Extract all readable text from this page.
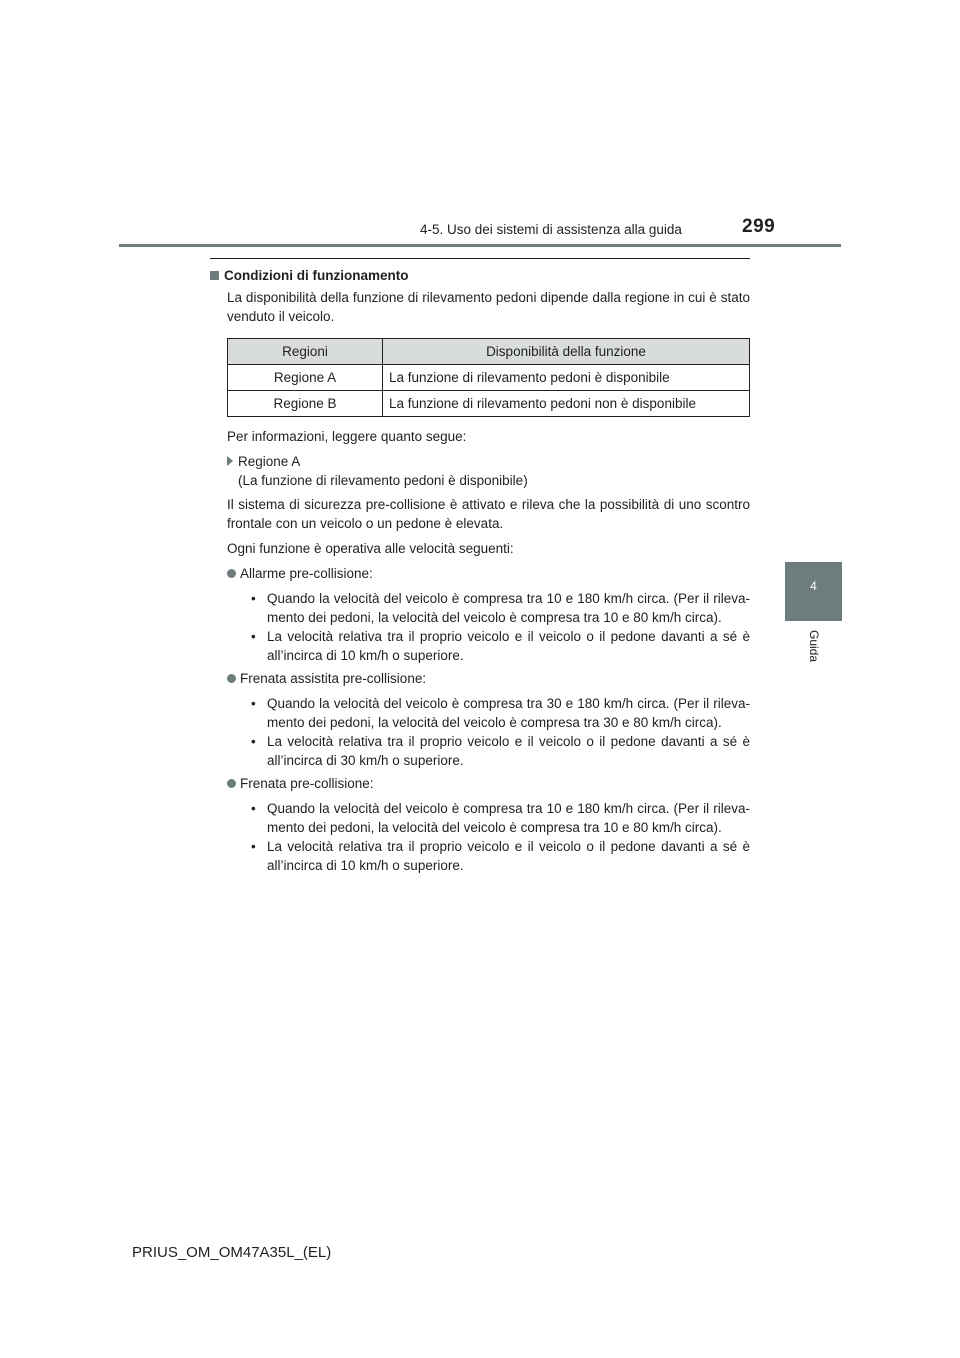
4-5. Uso dei sistemi di assistenza alla guida	299
4
Guida
Condizioni di funzionamento

La disponibilità della funzione di rilevamento pedoni dipende dalla regione in cui è stato venduto il veicolo.

Regioni	Disponibilità della funzione
Regione A	La funzione di rilevamento pedoni è disponibile
Regione B	La funzione di rilevamento pedoni non è disponibile

Per informazioni, leggere quanto segue:

Regione A

(La funzione di rilevamento pedoni è disponibile)

Il sistema di sicurezza pre-collisione è attivato e rileva che la possibilità di uno scontro frontale con un veicolo o un pedone è elevata.

Ogni funzione è operativa alle velocità seguenti:

Allarme pre-collisione:
• Quando la velocità del veicolo è compresa tra 10 e 180 km/h circa. (Per il rileva-mento dei pedoni, la velocità del veicolo è compresa tra 10 e 80 km/h circa).
• La velocità relativa tra il proprio veicolo e il veicolo o il pedone davanti a sé è all’incirca di 10 km/h o superiore.
Frenata assistita pre-collisione:
• Quando la velocità del veicolo è compresa tra 30 e 180 km/h circa. (Per il rileva-mento dei pedoni, la velocità del veicolo è compresa tra 30 e 80 km/h circa).
• La velocità relativa tra il proprio veicolo e il veicolo o il pedone davanti a sé è all’incirca di 30 km/h o superiore.
Frenata pre-collisione:
• Quando la velocità del veicolo è compresa tra 10 e 180 km/h circa. (Per il rileva-mento dei pedoni, la velocità del veicolo è compresa tra 10 e 80 km/h circa).
• La velocità relativa tra il proprio veicolo e il veicolo o il pedone davanti a sé è all’incirca di 10 km/h o superiore.
PRIUS_OM_OM47A35L_(EL)
